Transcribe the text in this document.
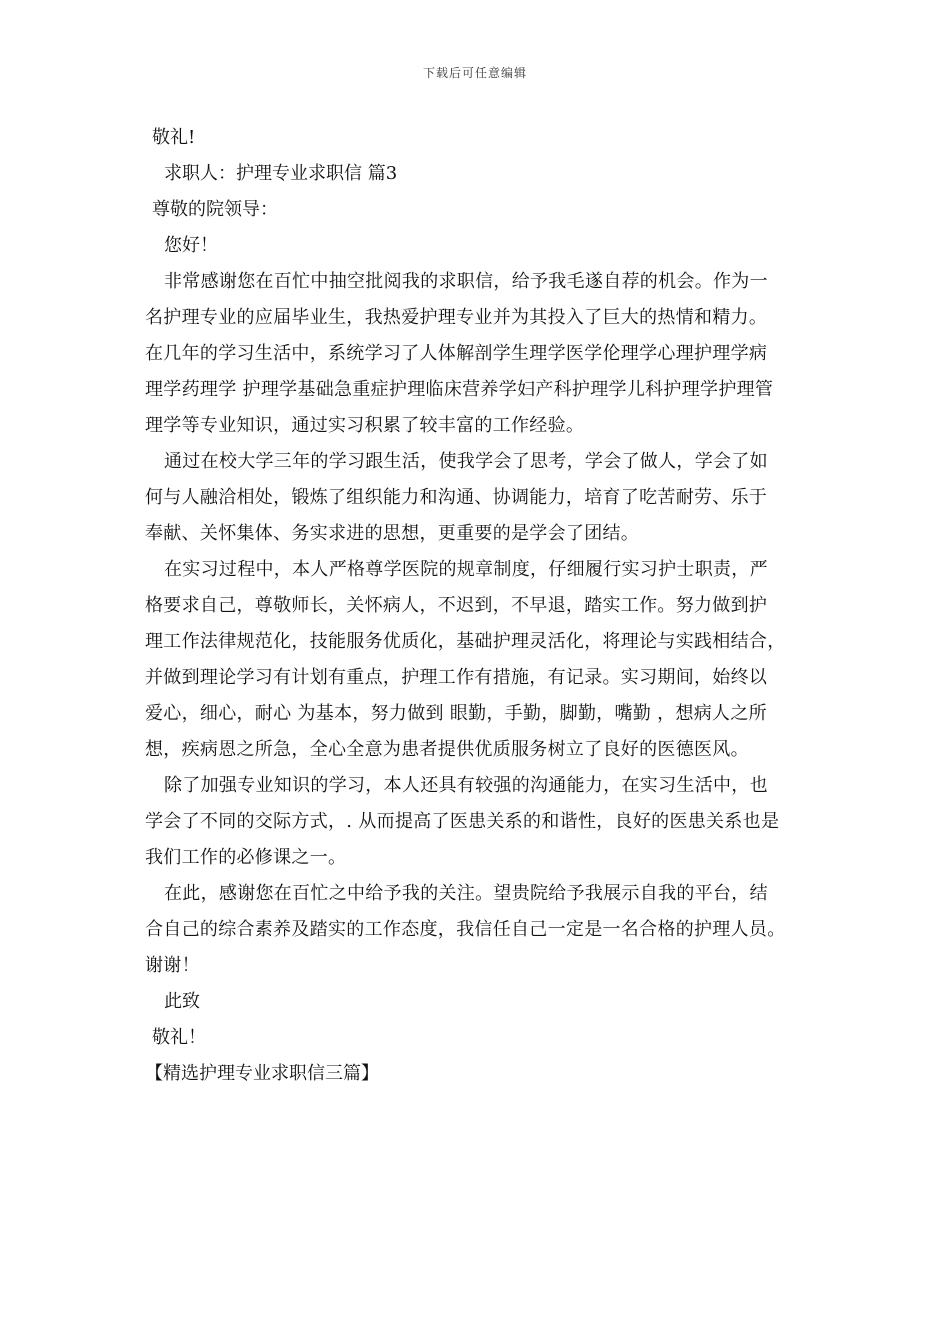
下载后可任意编辑
敬礼!
求职人：护理专业求职信 篇3
尊敬的院领导：
您好！
非常感谢您在百忙中抽空批阅我的求职信，给予我毛遂自荐的机会。作为一
名护理专业的应届毕业生，我热爱护理专业并为其投入了巨大的热情和精力。
在几年的学习生活中，系统学习了人体解剖学生理学医学伦理学心理护理学病
理学药理学 护理学基础急重症护理临床营养学妇产科护理学儿科护理学护理管
理学等专业知识，通过实习积累了较丰富的工作经验。
通过在校大学三年的学习跟生活，使我学会了思考，学会了做人，学会了如
何与人融洽相处，锻炼了组织能力和沟通、协调能力，培育了吃苦耐劳、乐于
奉献、关怀集体、务实求进的思想，更重要的是学会了团结。
在实习过程中，本人严格尊学医院的规章制度，仔细履行实习护士职责，严
格要求自己，尊敬师长，关怀病人，不迟到，不早退，踏实工作。努力做到护
理工作法律规范化，技能服务优质化，基础护理灵活化，将理论与实践相结合，
并做到理论学习有计划有重点，护理工作有措施，有记录。实习期间，始终以
爱心，细心，耐心 为基本，努力做到 眼勤，手勤，脚勤，嘴勤 ，想病人之所
想，疾病恩之所急，全心全意为患者提供优质服务树立了良好的医德医风。
除了加强专业知识的学习，本人还具有较强的沟通能力，在实习生活中，也
学会了不同的交际方式，. 从而提高了医患关系的和谐性，良好的医患关系也是
我们工作的必修课之一。
在此，感谢您在百忙之中给予我的关注。望贵院给予我展示自我的平台，结
合自己的综合素养及踏实的工作态度，我信任自己一定是一名合格的护理人员。
谢谢！
此致
敬礼！
【精选护理专业求职信三篇】
